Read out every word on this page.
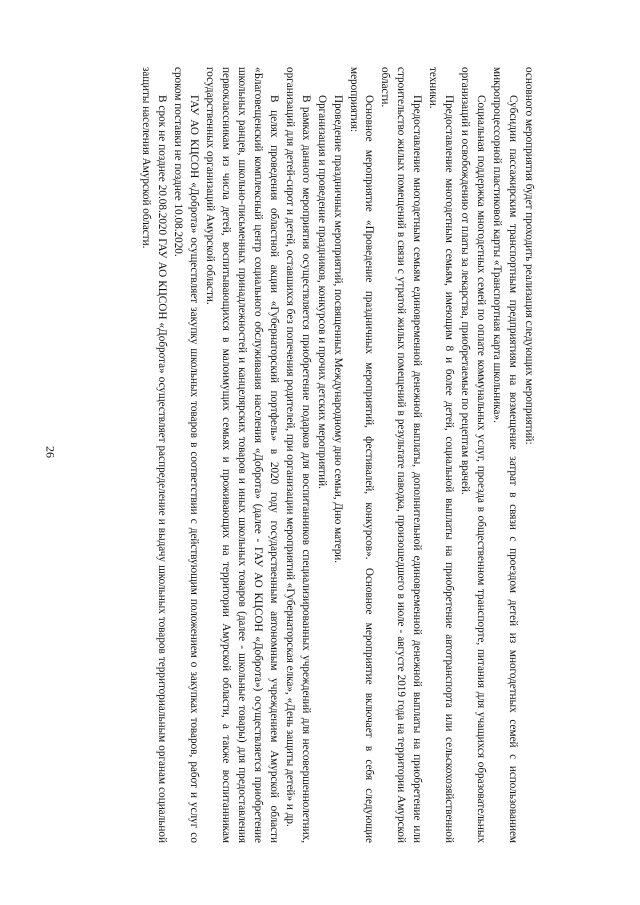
26

основного мероприятия будет проходить реализация следующих мероприятий:

Субсидии пассажирским транспортным предприятиям на возмещение затрат в связи с проездом детей из многодетных семей с использованием микропроцессорной пластиковой карты «Транспортная карта школьника».

Социальная поддержка многодетных семей по оплате коммунальных услуг, проезда в общественном транспорте, питания для учащихся образовательных организаций и освобождению от платы за лекарства, приобретаемые по рецептам врачей.

Предоставление многодетным семьям, имеющим 8 и более детей, социальной выплаты на приобретение автотранспорта или сельскохозяйственной техники.

Предоставление многодетным семьям единовременной денежной выплаты, дополнительной единовременной денежной выплаты на приобретение или строительство жилых помещений в связи с утратой жилых помещений в результате паводка, произошедшего в июле - августе 2019 года на территории Амурской области.

Основное мероприятие «Проведение праздничных мероприятий, фестивалей, конкурсов». Основное мероприятие включает в себя следующие мероприятия:

Проведение праздничных мероприятий, посвященных Международному дню семьи, Дню матери.

Организация и проведение праздников, конкурсов и прочих детских мероприятий.

В рамках данного мероприятия осуществляется приобретение подарков для воспитанников специализированных учреждений для несовершеннолетних, организаций для детей-сирот и детей, оставшихся без попечения родителей, при организации мероприятий «Губернаторская елка», «День защиты детей» и др.

В целях проведения областной акции «Губернаторский портфель» в 2020 году государственным автономным учреждением Амурской области «Благовещенский комплексный центр социального обслуживания населения «Доброта» (далее - ГАУ АО КЦСОН «Доброта») осуществляется приобретение школьных ранцев, школьно-письменных принадлежностей и канцелярских товаров и иных школьных товаров (далее - школьные товары) для предоставления первоклассникам из числа детей, воспитывающихся в малоимущих семьях и проживающих на территории Амурской области, а также воспитанникам государственных организаций Амурской области.

ГАУ АО КЦСОН «Доброта» осуществляет закупку школьных товаров в соответствии с действующим положением о закупках товаров, работ и услуг со сроком поставки не позднее 10.08.2020.

В срок не позднее 20.08.2020 ГАУ АО КЦСОН «Доброта» осуществляет распределение и выдачу школьных товаров территориальным органам социальной защиты населения Амурской области.
